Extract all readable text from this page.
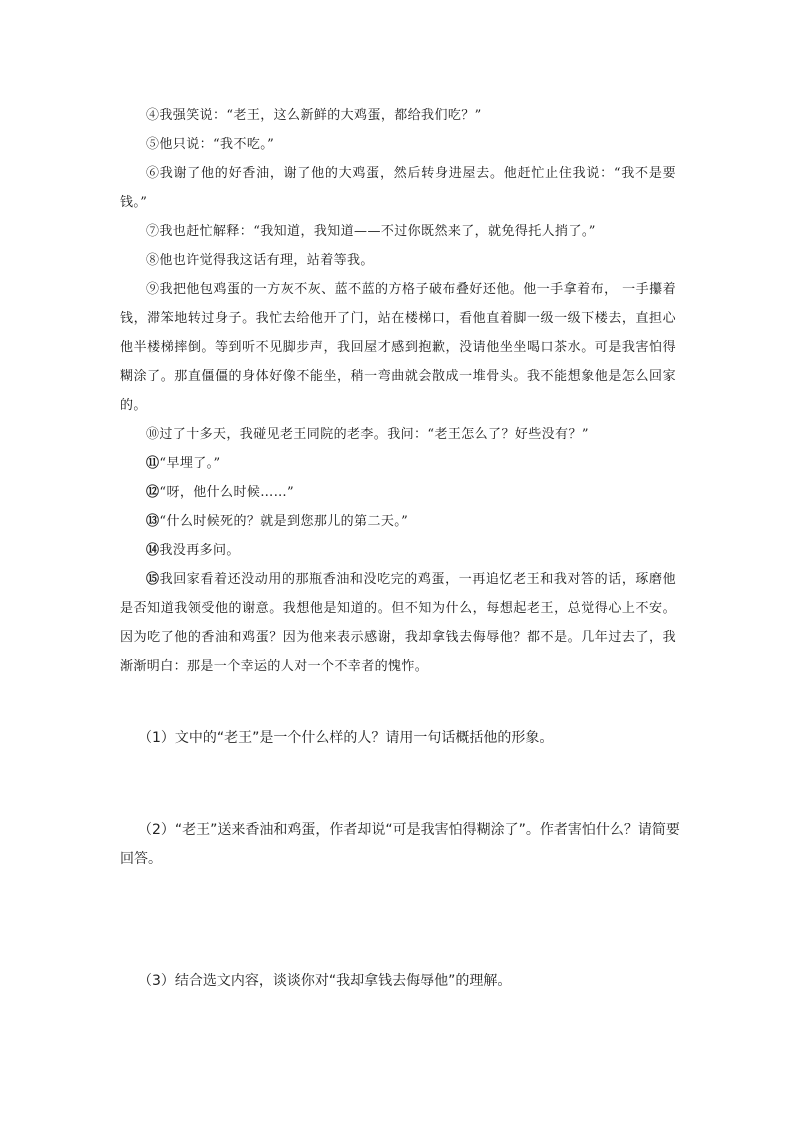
④我强笑说：“老王，这么新鲜的大鸡蛋，都给我们吃？”

⑤他只说：“我不吃。”

⑥我谢了他的好香油，谢了他的大鸡蛋，然后转身进屋去。他赶忙止住我说：“我不是要钱。”

⑦我也赶忙解释：“我知道，我知道——不过你既然来了，就免得托人捎了。”

⑧他也许觉得我这话有理，站着等我。

⑨我把他包鸡蛋的一方灰不灰、蓝不蓝的方格子破布叠好还他。他一手拿着布， 一手攥着钱，滞笨地转过身子。我忙去给他开了门，站在楼梯口，看他直着脚一级一级下楼去，直担心他半楼梯摔倒。等到听不见脚步声，我回屋才感到抱歉，没请他坐坐喝口茶水。可是我害怕得糊涂了。那直僵僵的身体好像不能坐，稍一弯曲就会散成一堆骨头。我不能想象他是怎么回家的。

⑩过了十多天，我碰见老王同院的老李。我问：“老王怎么了？好些没有？”

⑪“早埋了。”

⑫“呀，他什么时候……”

⑬“什么时候死的？就是到您那儿的第二天。”

⑭我没再多问。

⑮我回家看着还没动用的那瓶香油和没吃完的鸡蛋，一再追忆老王和我对答的话，琢磨他是否知道我领受他的谢意。我想他是知道的。但不知为什么，每想起老王，总觉得心上不安。因为吃了他的香油和鸡蛋？因为他来表示感谢，我却拿钱去侮辱他？都不是。几年过去了，我渐渐明白：那是一个幸运的人对一个不幸者的愧怍。

（1）文中的“老王”是一个什么样的人？请用一句话概括他的形象。

（2）“老王”送来香油和鸡蛋，作者却说“可是我害怕得糊涂了”。作者害怕什么？请简要回答。

（3）结合选文内容，谈谈你对“我却拿钱去侮辱他”的理解。
